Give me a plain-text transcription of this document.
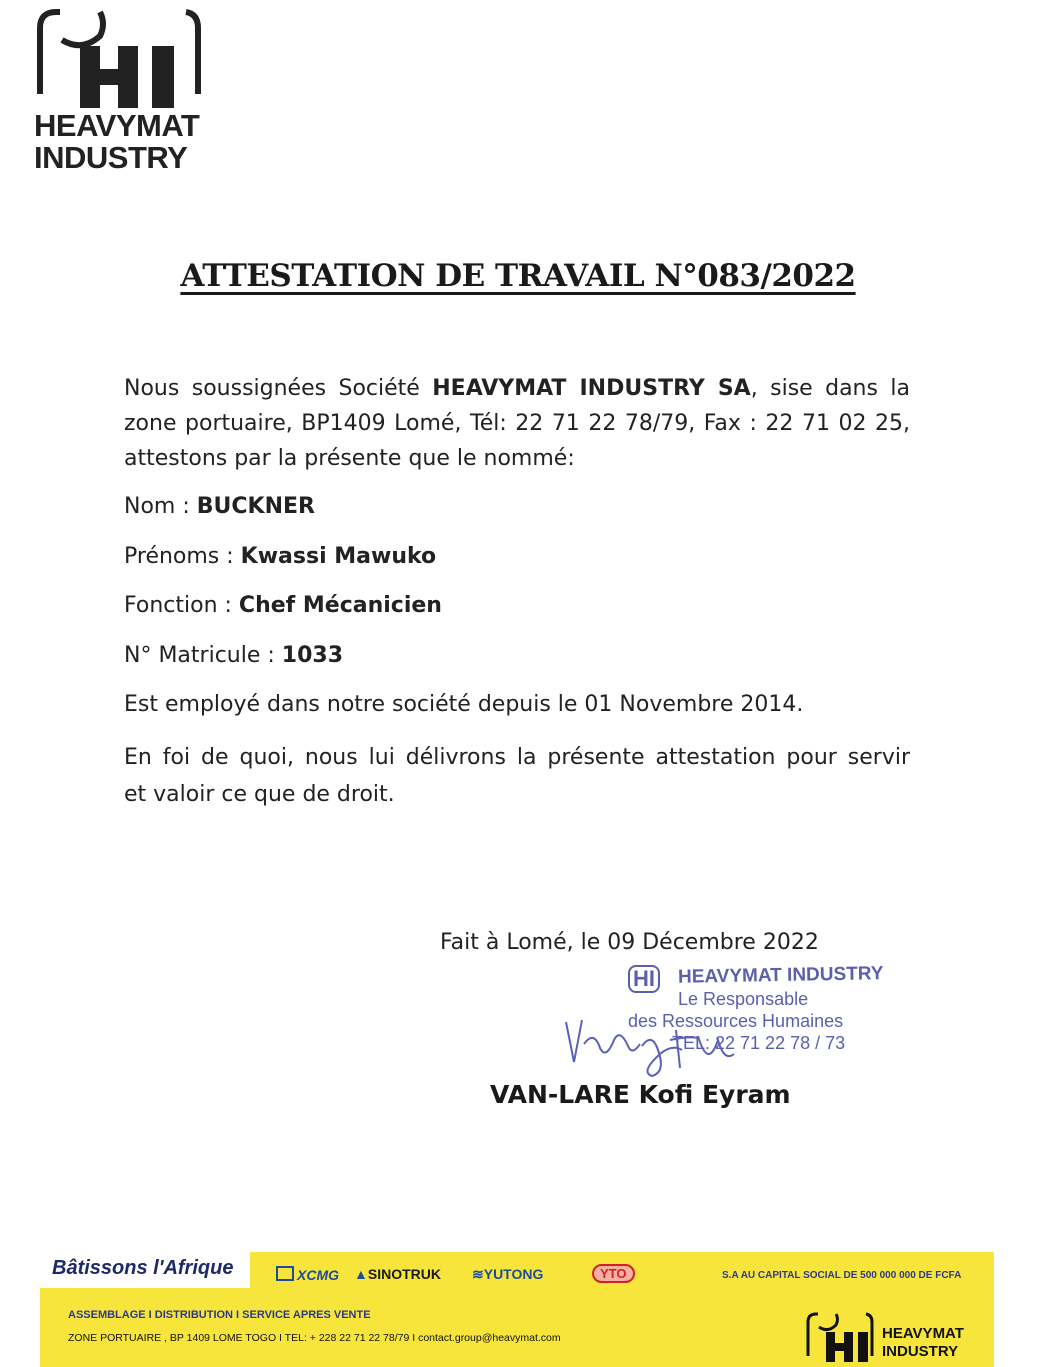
HEAVYMAT
INDUSTRY
ATTESTATION DE TRAVAIL N°083/2022
Nous soussignées Société HEAVYMAT INDUSTRY SA, sise dans la
zone portuaire, BP1409 Lomé, Tél: 22 71 22 78/79, Fax : 22 71 02 25,
attestons par la présente que le nommé:
Nom : BUCKNER
Prénoms : Kwassi Mawuko
Fonction : Chef Mécanicien
N° Matricule : 1033
Est employé dans notre société depuis le 01 Novembre 2014.
En foi de quoi, nous lui délivrons la présente attestation pour servir
et valoir ce que de droit.
Fait à Lomé, le 09 Décembre 2022
HI HEAVYMAT INDUSTRY
Le Responsable
des Ressources Humaines
TEL: 22 71 22 78 / 73
VAN-LARE Kofi Eyram
Bâtissons l'Afrique	XCMG ▲SINOTRUK ≋YUTONG	YTO	S.A AU CAPITAL SOCIAL DE 500 000 000 DE FCFA
ASSEMBLAGE I DISTRIBUTION I SERVICE APRES VENTE
ZONE PORTUAIRE , BP 1409 LOME TOGO I TEL: + 228 22 71 22 78/79 I contact.group@heavymat.com	HEAVYMAT
INDUSTRY
